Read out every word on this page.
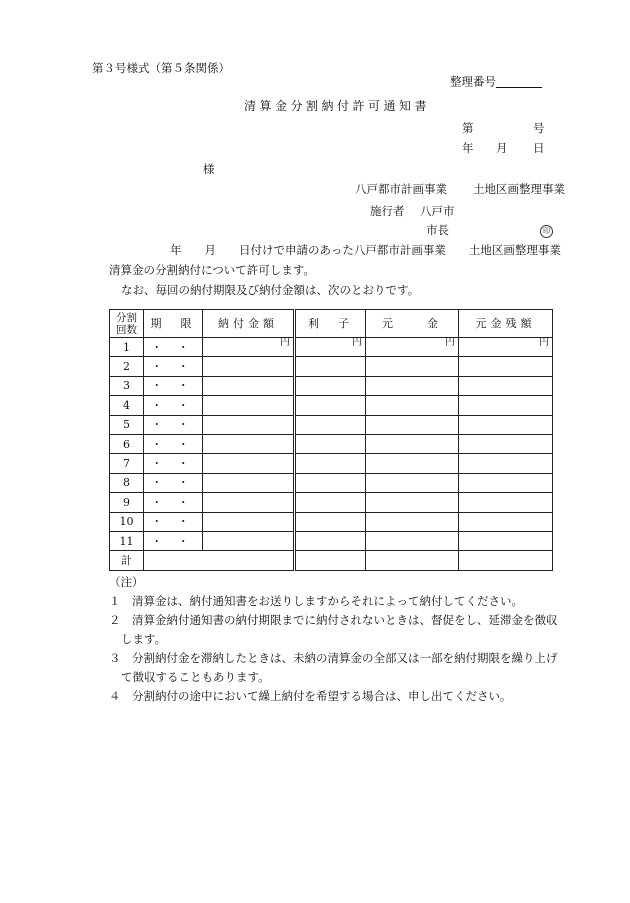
第３号様式（第５条関係）
整理番号
清算金分割納付許可通知書
第	号
年 月 日
様
八戸都市計画事業 土地区画整理事業
施行者 八戸市
市長	印
年　　月　　日付けで申請のあった八戸都市計画事業　　土地区画整理事業
清算金の分割納付について許可します。
なお、毎回の納付期限及び納付金額は、次のとおりです。
分割
回数	期　限	納付金額	利　子	元　　金	元金残額
1	・ ・	円	円	円	円
2	・ ・				
3	・ ・				
4	・ ・				
5	・ ・				
6	・ ・				
7	・ ・				
8	・ ・				
9	・ ・				
10	・ ・				
11	・ ・				
計					
（注）
１　清算金は、納付通知書をお送りしますからそれによって納付してください。
２　清算金納付通知書の納付期限までに納付されないときは、督促をし、延滞金を徴収
します。
３　分割納付金を滞納したときは、未納の清算金の全部又は一部を納付期限を繰り上げ
て徴収することもあります。
４　分割納付の途中において繰上納付を希望する場合は、申し出てください。
